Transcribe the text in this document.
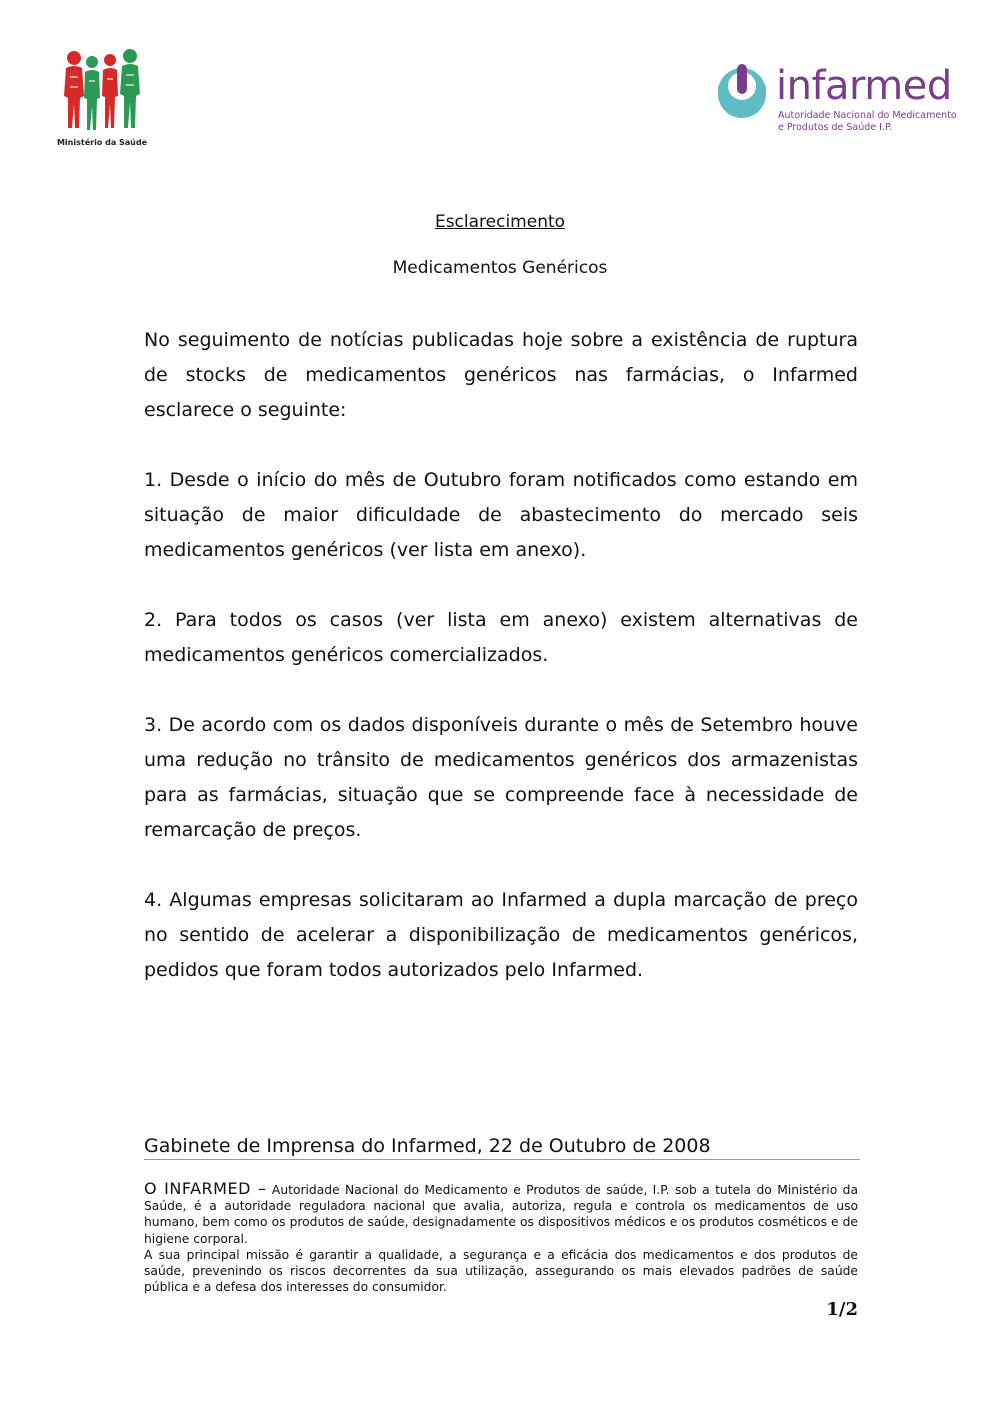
Ministério da Saúde
infarmed
Autoridade Nacional do Medicamento
e Produtos de Saúde I.P.
Esclarecimento
Medicamentos Genéricos

No seguimento de notícias publicadas hoje sobre a existência de ruptura de stocks de medicamentos genéricos nas farmácias, o Infarmed esclarece o seguinte:

1. Desde o início do mês de Outubro foram notificados como estando em situação de maior dificuldade de abastecimento do mercado seis medicamentos genéricos (ver lista em anexo).

2. Para todos os casos (ver lista em anexo) existem alternativas de medicamentos genéricos comercializados.

3. De acordo com os dados disponíveis durante o mês de Setembro houve uma redução no trânsito de medicamentos genéricos dos armazenistas para as farmácias, situação que se compreende face à necessidade de remarcação de preços.

4. Algumas empresas solicitaram ao Infarmed a dupla marcação de preço no sentido de acelerar a disponibilização de medicamentos genéricos, pedidos que foram todos autorizados pelo Infarmed.

Gabinete de Imprensa do Infarmed, 22 de Outubro de 2008

O INFARMED – Autoridade Nacional do Medicamento e Produtos de saúde, I.P. sob a tutela do Ministério da Saúde, é a autoridade reguladora nacional que avalia, autoriza, regula e controla os medicamentos de uso humano, bem como os produtos de saúde, designadamente os dispositivos médicos e os produtos cosméticos e de higiene corporal.

A sua principal missão é garantir a qualidade, a segurança e a eficácia dos medicamentos e dos produtos de saúde, prevenindo os riscos decorrentes da sua utilização, assegurando os mais elevados padrões de saúde pública e a defesa dos interesses do consumidor.

1/2
